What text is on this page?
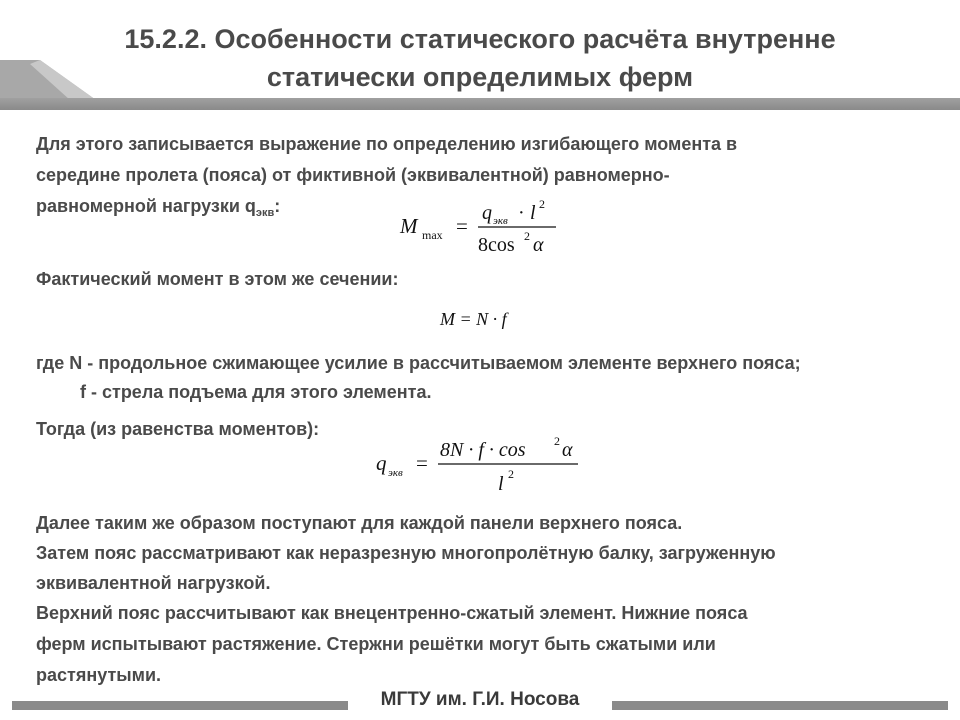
15.2.2. Особенности статического расчёта внутренне
статически определимых ферм
Для этого записывается выражение по определению изгибающего момента в
середине пролета (пояса) от фиктивной (эквивалентной) равномерно-
равномерной нагрузки $q_{экв}$:
M max =
q экв · l 2
8cos 2 α
Фактический момент в этом же сечении:
M = N · f
где N - продольное сжимающее усилие в рассчитываемом элементе верхнего пояса;
f - стрела подъема для этого элемента.
Тогда (из равенства моментов):
q экв =
8N · f · cos 2 α
l 2
Далее таким же образом поступают для каждой панели верхнего пояса.
Затем пояс рассматривают как неразрезную многопролётную балку, загруженную
эквивалентной нагрузкой.
Верхний пояс рассчитывают как внецентренно-сжатый элемент. Нижние пояса
ферм испытывают растяжение. Стержни решётки могут быть сжатыми или
растянутыми.
МГТУ им. Г.И. Носова
